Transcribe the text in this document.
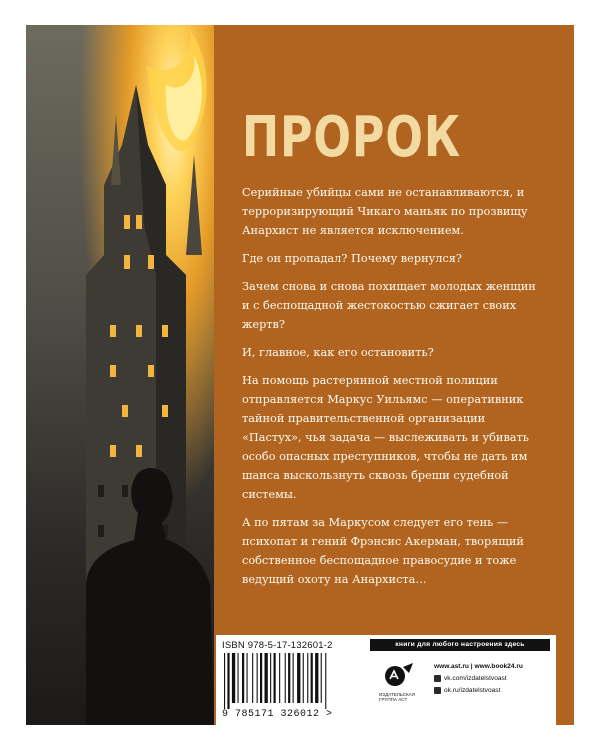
ПРОРОК

Серийные убийцы сами не останавливаются, и терроризирующий Чикаго маньяк по прозвищу Анархист не является исключением.

Где он пропадал? Почему вернулся?

Зачем снова и снова похищает молодых женщин и с беспощадной жестокостью сжигает своих жертв?

И, главное, как его остановить?

На помощь растерянной местной полиции отправляется Маркус Уильямс — оперативник тайной правительственной организации «Пастух», чья задача — выслеживать и убивать особо опасных преступников, чтобы не дать им шанса выскользнуть сквозь бреши судебной системы.

А по пятам за Маркусом следует его тень — психопат и гений Фрэнсис Акерман, творящий собственное беспощадное правосудие и тоже ведущий охоту на Анархиста…

ISBN 978-5-17-132601-2

9 785171 326012 >

книги для любого настроения здесь
ИЗДАТЕЛЬСКАЯ ГРУППА АСТ
www.ast.ru | www.book24.ru
vk.com/izdatelstvoast
ok.ru/izdatelstvoast
